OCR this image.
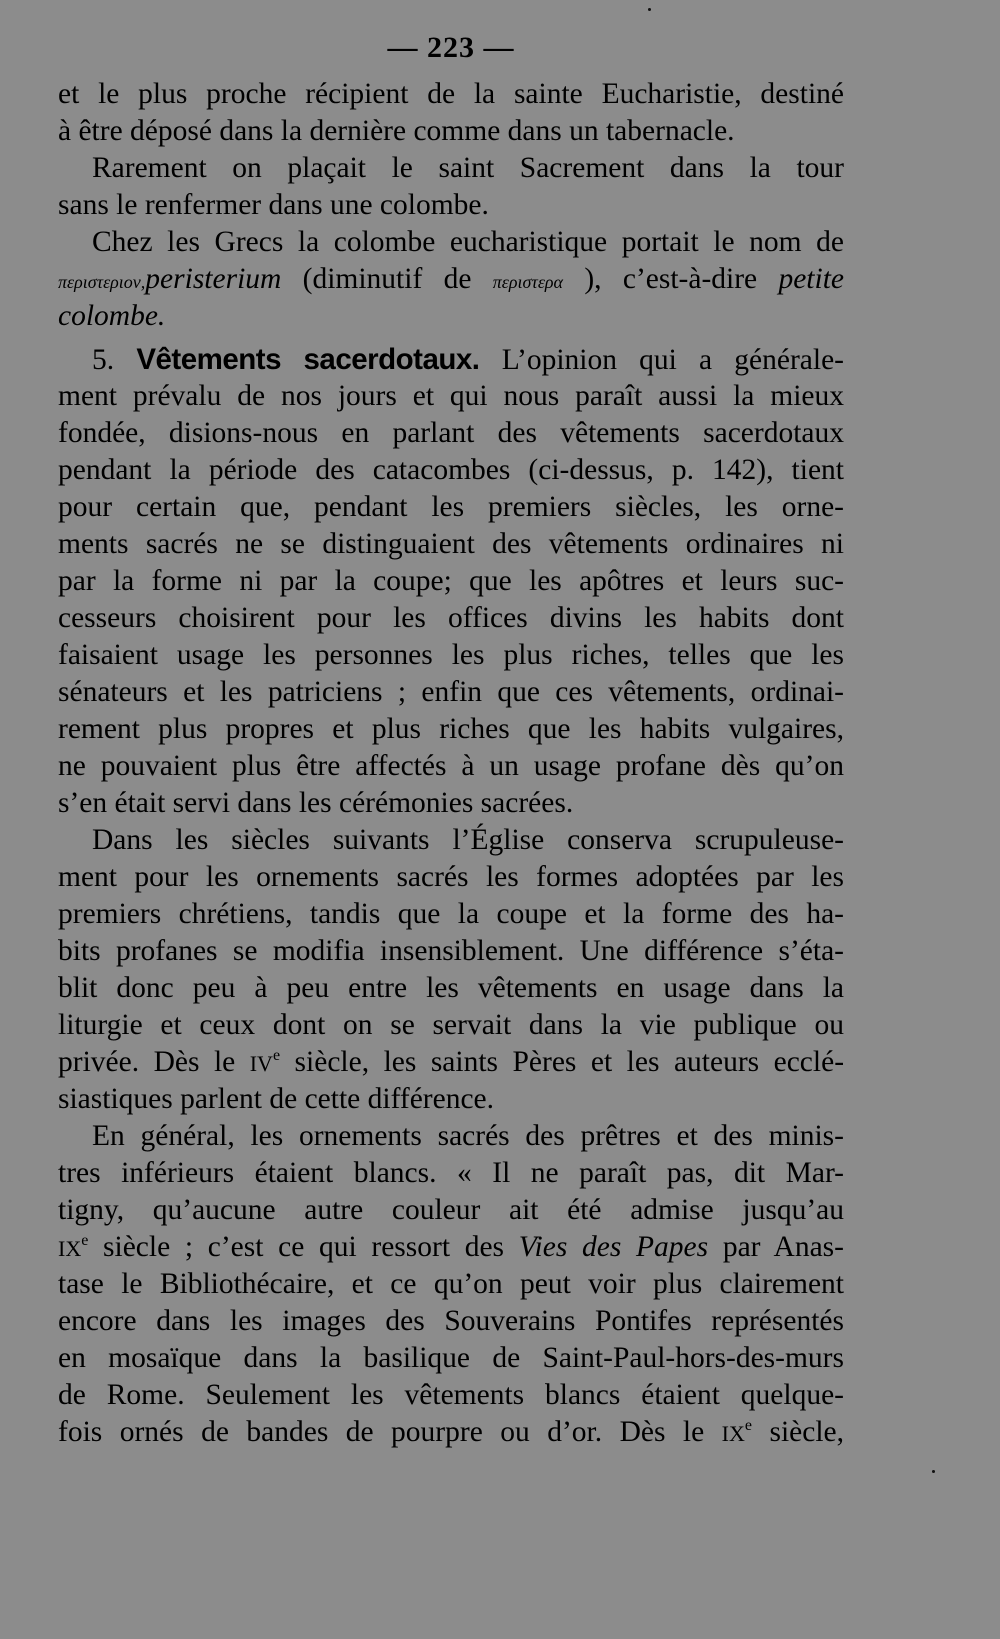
— 223 —
et le plus proche récipient de la sainte Eucharistie, destiné
à être déposé dans la dernière comme dans un tabernacle.
Rarement on plaçait le saint Sacrement dans la tour
sans le renfermer dans une colombe.
Chez les Grecs la colombe eucharistique portait le nom de
περιστεριον,peristerium (diminutif de περιστερα ), c’est-à-dire petite
colombe.
5. Vêtements sacerdotaux. L’opinion qui a générale-
ment prévalu de nos jours et qui nous paraît aussi la mieux
fondée, disions-nous en parlant des vêtements sacerdotaux
pendant la période des catacombes (ci-dessus, p. 142), tient
pour certain que, pendant les premiers siècles, les orne-
ments sacrés ne se distinguaient des vêtements ordinaires ni
par la forme ni par la coupe; que les apôtres et leurs suc-
cesseurs choisirent pour les offices divins les habits dont
faisaient usage les personnes les plus riches, telles que les
sénateurs et les patriciens ; enfin que ces vêtements, ordinai-
rement plus propres et plus riches que les habits vulgaires,
ne pouvaient plus être affectés à un usage profane dès qu’on
s’en était servi dans les cérémonies sacrées.
Dans les siècles suivants l’Église conserva scrupuleuse-
ment pour les ornements sacrés les formes adoptées par les
premiers chrétiens, tandis que la coupe et la forme des ha-
bits profanes se modifia insensiblement. Une différence s’éta-
blit donc peu à peu entre les vêtements en usage dans la
liturgie et ceux dont on se servait dans la vie publique ou
privée. Dès le IVe siècle, les saints Pères et les auteurs ecclé-
siastiques parlent de cette différence.
En général, les ornements sacrés des prêtres et des minis-
tres inférieurs étaient blancs. « Il ne paraît pas, dit Mar-
tigny, qu’aucune autre couleur ait été admise jusqu’au
IXe siècle ; c’est ce qui ressort des Vies des Papes par Anas-
tase le Bibliothécaire, et ce qu’on peut voir plus clairement
encore dans les images des Souverains Pontifes représentés
en mosaïque dans la basilique de Saint-Paul-hors-des-murs
de Rome. Seulement les vêtements blancs étaient quelque-
fois ornés de bandes de pourpre ou d’or. Dès le IXe siècle,
